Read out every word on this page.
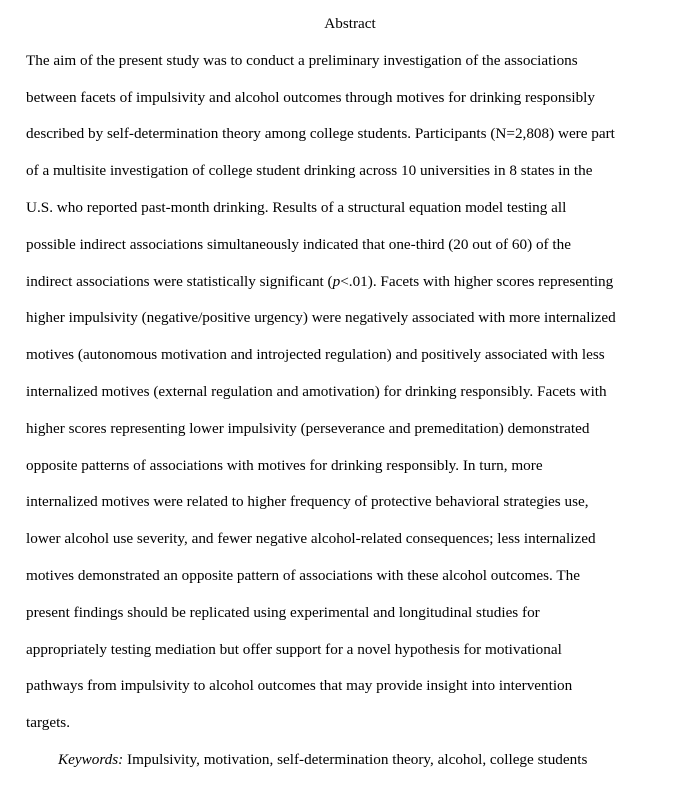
Abstract
The aim of the present study was to conduct a preliminary investigation of the associations
between facets of impulsivity and alcohol outcomes through motives for drinking responsibly
described by self-determination theory among college students. Participants (N=2,808) were part
of a multisite investigation of college student drinking across 10 universities in 8 states in the
U.S. who reported past-month drinking. Results of a structural equation model testing all
possible indirect associations simultaneously indicated that one-third (20 out of 60) of the
indirect associations were statistically significant (p<.01). Facets with higher scores representing
higher impulsivity (negative/positive urgency) were negatively associated with more internalized
motives (autonomous motivation and introjected regulation) and positively associated with less
internalized motives (external regulation and amotivation) for drinking responsibly. Facets with
higher scores representing lower impulsivity (perseverance and premeditation) demonstrated
opposite patterns of associations with motives for drinking responsibly. In turn, more
internalized motives were related to higher frequency of protective behavioral strategies use,
lower alcohol use severity, and fewer negative alcohol-related consequences; less internalized
motives demonstrated an opposite pattern of associations with these alcohol outcomes. The
present findings should be replicated using experimental and longitudinal studies for
appropriately testing mediation but offer support for a novel hypothesis for motivational
pathways from impulsivity to alcohol outcomes that may provide insight into intervention
targets.
Keywords: Impulsivity, motivation, self-determination theory, alcohol, college students
